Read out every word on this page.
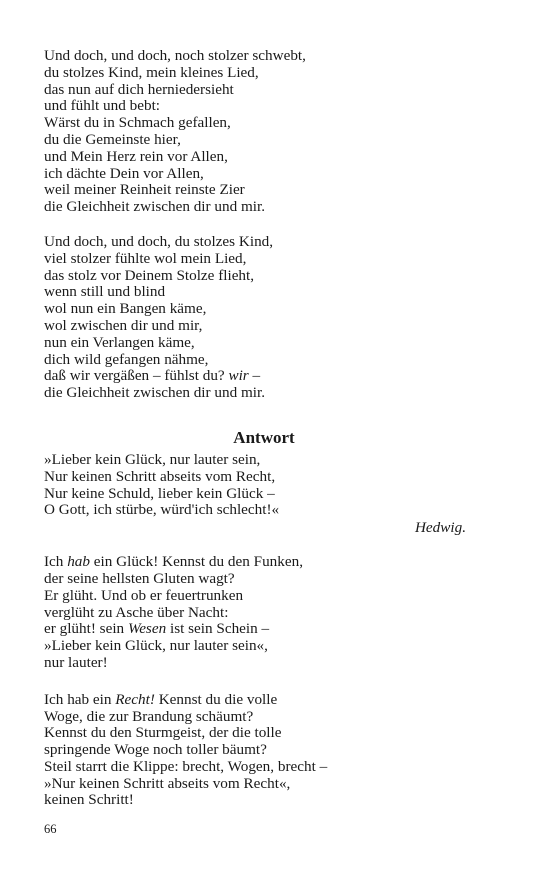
Und doch, und doch, noch stolzer schwebt,
du stolzes Kind, mein kleines Lied,
das nun auf dich herniedersieht
und fühlt und bebt:
Wärst du in Schmach gefallen,
du die Gemeinste hier,
und Mein Herz rein vor Allen,
ich dächte Dein vor Allen,
weil meiner Reinheit reinste Zier
die Gleichheit zwischen dir und mir.
Und doch, und doch, du stolzes Kind,
viel stolzer fühlte wol mein Lied,
das stolz vor Deinem Stolze flieht,
wenn still und blind
wol nun ein Bangen käme,
wol zwischen dir und mir,
nun ein Verlangen käme,
dich wild gefangen nähme,
daß wir vergäßen – fühlst du? wir –
die Gleichheit zwischen dir und mir.
Antwort
»Lieber kein Glück, nur lauter sein,
Nur keinen Schritt abseits vom Recht,
Nur keine Schuld, lieber kein Glück –
O Gott, ich stürbe, würd'ich schlecht!«
Hedwig.
Ich hab ein Glück! Kennst du den Funken,
der seine hellsten Gluten wagt?
Er glüht. Und ob er feuertrunken
verglüht zu Asche über Nacht:
er glüht! sein Wesen ist sein Schein –
»Lieber kein Glück, nur lauter sein«,
nur lauter!
Ich hab ein Recht! Kennst du die volle
Woge, die zur Brandung schäumt?
Kennst du den Sturmgeist, der die tolle
springende Woge noch toller bäumt?
Steil starrt die Klippe: brecht, Wogen, brecht –
»Nur keinen Schritt abseits vom Recht«,
keinen Schritt!
66
